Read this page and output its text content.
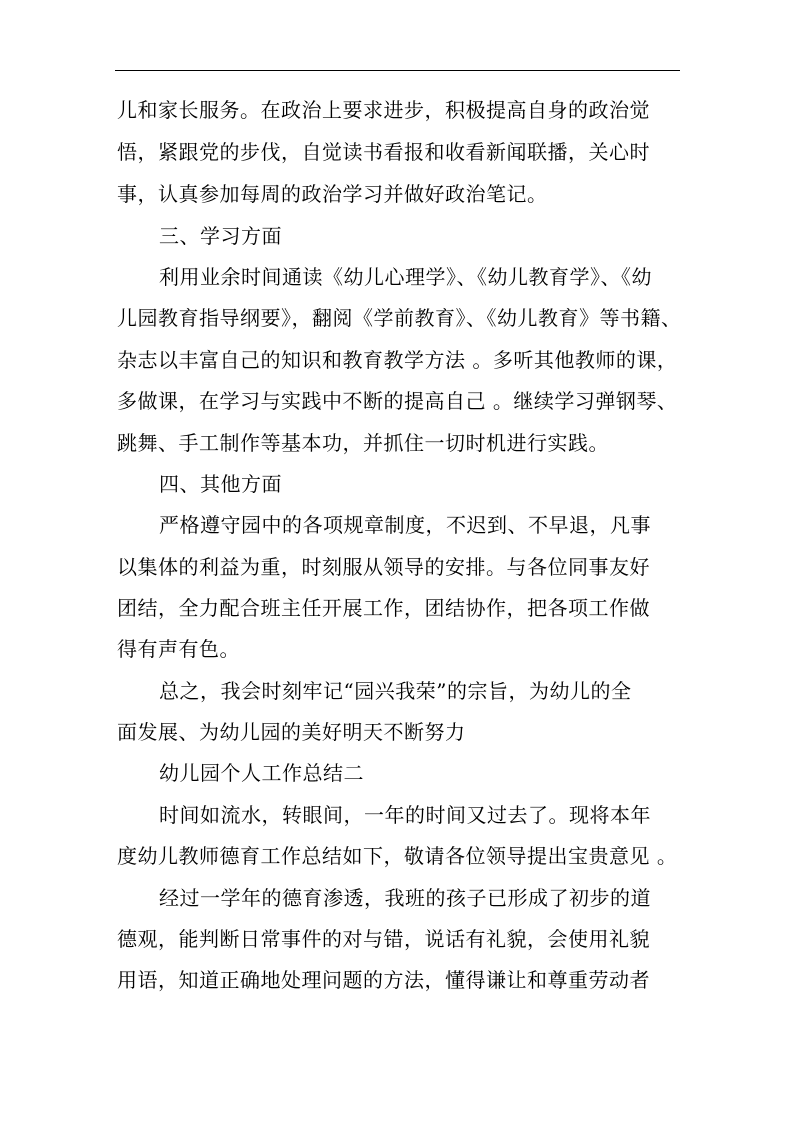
儿和家长服务。在政治上要求进步，积极提高自身的政治觉
悟，紧跟党的步伐，自觉读书看报和收看新闻联播，关心时
事，认真参加每周的政治学习并做好政治笔记。
三、学习方面
利用业余时间通读《幼儿心理学》、《幼儿教育学》、《幼
儿园教育指导纲要》，翻阅《学前教育》、《幼儿教育》等书籍、
杂志以丰富自己的知识和教育教学方法 。多听其他教师的课，
多做课，在学习与实践中不断的提高自己 。继续学习弹钢琴、
跳舞、手工制作等基本功，并抓住一切时机进行实践。
四、其他方面
严格遵守园中的各项规章制度，不迟到、不早退，凡事
以集体的利益为重，时刻服从领导的安排。与各位同事友好
团结，全力配合班主任开展工作，团结协作，把各项工作做
得有声有色。
总之，我会时刻牢记“园兴我荣”的宗旨，为幼儿的全
面发展、为幼儿园的美好明天不断努力
幼儿园个人工作总结二
时间如流水，转眼间，一年的时间又过去了。现将本年
度幼儿教师德育工作总结如下，敬请各位领导提出宝贵意见 。
经过一学年的德育渗透，我班的孩子已形成了初步的道
德观，能判断日常事件的对与错，说话有礼貌，会使用礼貌
用语，知道正确地处理问题的方法，懂得谦让和尊重劳动者
